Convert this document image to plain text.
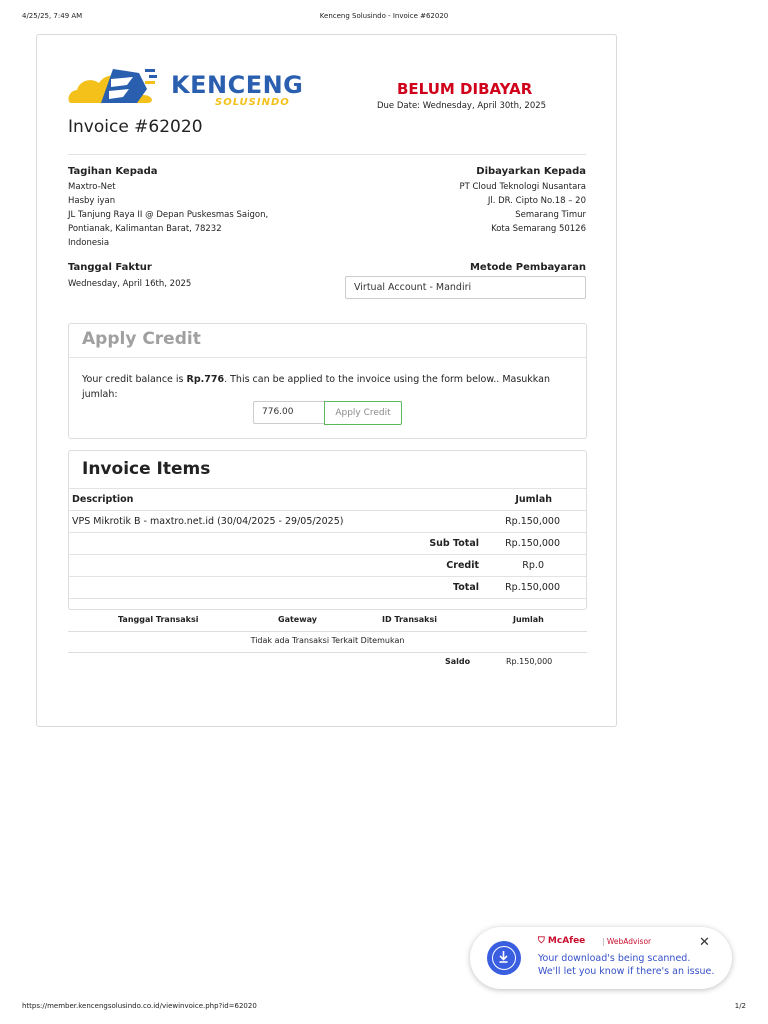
4/25/25, 7:49 AM	Kenceng Solusindo - Invoice #62020
KENCENG
SOLUSINDO
BELUM DIBAYAR
Due Date: Wednesday, April 30th, 2025
Invoice #62020
Tagihan Kepada
Maxtro-Net
Hasby iyan
JL Tanjung Raya II @ Depan Puskesmas Saigon,
Pontianak, Kalimantan Barat, 78232
Indonesia
Dibayarkan Kepada
PT Cloud Teknologi Nusantara
Jl. DR. Cipto No.18 – 20
Semarang Timur
Kota Semarang 50126
Tanggal Faktur
Wednesday, April 16th, 2025
Metode Pembayaran
Virtual Account - Mandiri
Apply Credit
Your credit balance is Rp.776. This can be applied to the invoice using the form below.. Masukkan jumlah:
776.00	Apply Credit
Invoice Items
Description	Jumlah
VPS Mikrotik B - maxtro.net.id (30/04/2025 - 29/05/2025)	Rp.150,000
Sub Total	Rp.150,000
Credit	Rp.0
Total	Rp.150,000
Tanggal Transaksi	Gateway	ID Transaksi	Jumlah
Tidak ada Transaksi Terkait Ditemukan
Saldo	Rp.150,000
⛉ McAfee | WebAdvisor
Your download's being scanned.
We'll let you know if there's an issue.
✕
https://member.kencengsolusindo.co.id/viewinvoice.php?id=62020	1/2
